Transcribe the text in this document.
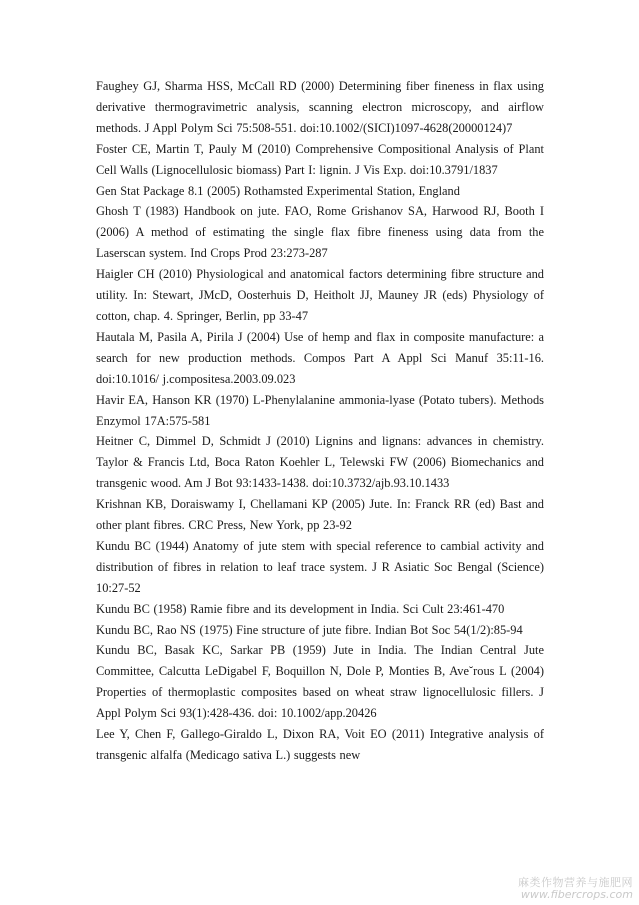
Faughey GJ, Sharma HSS, McCall RD (2000) Determining fiber fineness in flax using derivative thermogravimetric analysis, scanning electron microscopy, and airflow methods. J Appl Polym Sci 75:508-551. doi:10.1002/(SICI)1097-4628(20000124)7

Foster CE, Martin T, Pauly M (2010) Comprehensive Compositional Analysis of Plant Cell Walls (Lignocellulosic biomass) Part I: lignin. J Vis Exp. doi:10.3791/1837

Gen Stat Package 8.1 (2005) Rothamsted Experimental Station, England

Ghosh T (1983) Handbook on jute. FAO, Rome Grishanov SA, Harwood RJ, Booth I (2006) A method of estimating the single flax fibre fineness using data from the Laserscan system. Ind Crops Prod 23:273-287

Haigler CH (2010) Physiological and anatomical factors determining fibre structure and utility. In: Stewart, JMcD, Oosterhuis D, Heitholt JJ, Mauney JR (eds) Physiology of cotton, chap. 4. Springer, Berlin, pp 33-47

Hautala M, Pasila A, Pirila J (2004) Use of hemp and flax in composite manufacture: a search for new production methods. Compos Part A Appl Sci Manuf 35:11-16. doi:10.1016/ j.compositesa.2003.09.023

Havir EA, Hanson KR (1970) L-Phenylalanine ammonia-lyase (Potato tubers). Methods Enzymol 17A:575-581

Heitner C, Dimmel D, Schmidt J (2010) Lignins and lignans: advances in chemistry. Taylor & Francis Ltd, Boca Raton Koehler L, Telewski FW (2006) Biomechanics and transgenic wood. Am J Bot 93:1433-1438. doi:10.3732/ajb.93.10.1433

Krishnan KB, Doraiswamy I, Chellamani KP (2005) Jute. In: Franck RR (ed) Bast and other plant fibres. CRC Press, New York, pp 23-92

Kundu BC (1944) Anatomy of jute stem with special reference to cambial activity and distribution of fibres in relation to leaf trace system. J R Asiatic Soc Bengal (Science) 10:27-52

Kundu BC (1958) Ramie fibre and its development in India. Sci Cult 23:461-470

Kundu BC, Rao NS (1975) Fine structure of jute fibre. Indian Bot Soc 54(1/2):85-94

Kundu BC, Basak KC, Sarkar PB (1959) Jute in India. The Indian Central Jute Committee, Calcutta LeDigabel F, Boquillon N, Dole P, Monties B, Ave˘rous L (2004) Properties of thermoplastic composites based on wheat straw lignocellulosic fillers. J Appl Polym Sci 93(1):428-436. doi: 10.1002/app.20426

Lee Y, Chen F, Gallego-Giraldo L, Dixon RA, Voit EO (2011) Integrative analysis of transgenic alfalfa (Medicago sativa L.) suggests new

麻类作物营养与施肥网
www.fibercrops.com
